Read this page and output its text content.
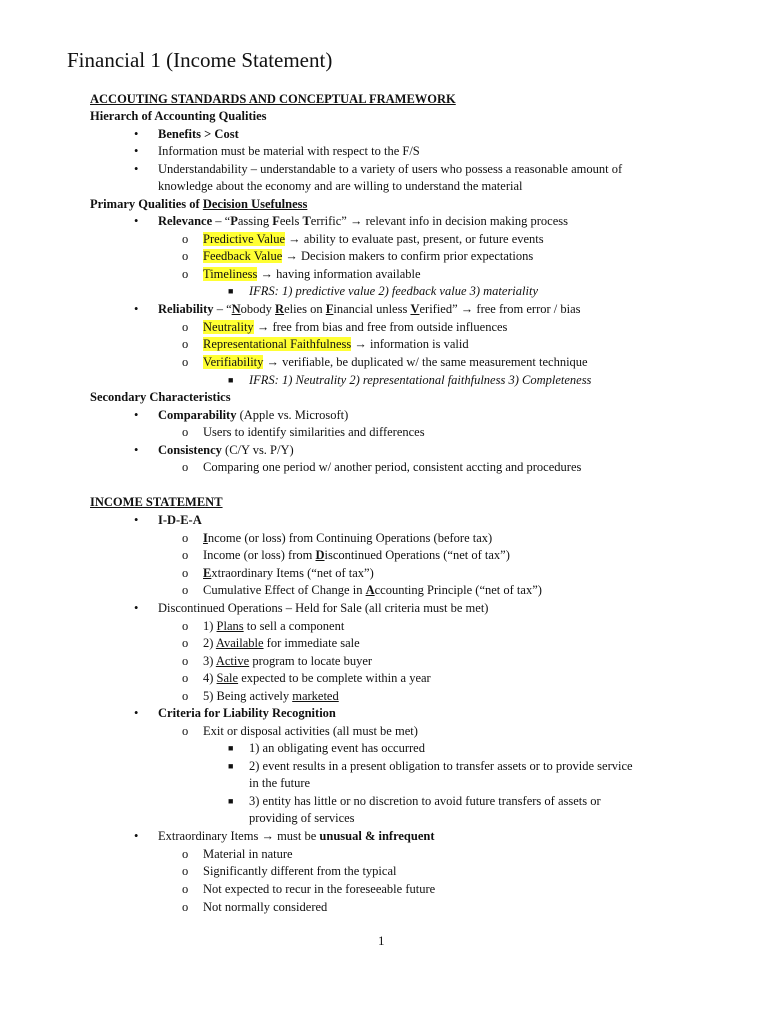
Financial 1 (Income Statement)
ACCOUTING STANDARDS AND CONCEPTUAL FRAMEWORK
Hierarch of Accounting Qualities
• Benefits > Cost
• Information must be material with respect to the F/S
• Understandability – understandable to a variety of users who possess a reasonable amount of
knowledge about the economy and are willing to understand the material
Primary Qualities of Decision Usefulness
• Relevance – “Passing Feels Terrific” → relevant info in decision making process
o Predictive Value → ability to evaluate past, present, or future events
o Feedback Value → Decision makers to confirm prior expectations
o Timeliness → having information available
■ IFRS: 1) predictive value 2) feedback value 3) materiality
• Reliability – “Nobody Relies on Financial unless Verified” → free from error / bias
o Neutrality → free from bias and free from outside influences
o Representational Faithfulness → information is valid
o Verifiability → verifiable, be duplicated w/ the same measurement technique
■ IFRS: 1) Neutrality 2) representational faithfulness 3) Completeness
Secondary Characteristics
• Comparability (Apple vs. Microsoft)
o Users to identify similarities and differences
• Consistency (C/Y vs. P/Y)
o Comparing one period w/ another period, consistent accting and procedures
INCOME STATEMENT
• I-D-E-A
o Income (or loss) from Continuing Operations (before tax)
o Income (or loss) from Discontinued Operations (“net of tax”)
o Extraordinary Items (“net of tax”)
o Cumulative Effect of Change in Accounting Principle (“net of tax”)
• Discontinued Operations – Held for Sale (all criteria must be met)
o 1) Plans to sell a component
o 2) Available for immediate sale
o 3) Active program to locate buyer
o 4) Sale expected to be complete within a year
o 5) Being actively marketed
• Criteria for Liability Recognition
o Exit or disposal activities (all must be met)
■ 1) an obligating event has occurred
■ 2) event results in a present obligation to transfer assets or to provide service
in the future
■ 3) entity has little or no discretion to avoid future transfers of assets or
providing of services
• Extraordinary Items → must be unusual & infrequent
o Material in nature
o Significantly different from the typical
o Not expected to recur in the foreseeable future
o Not normally considered
1
